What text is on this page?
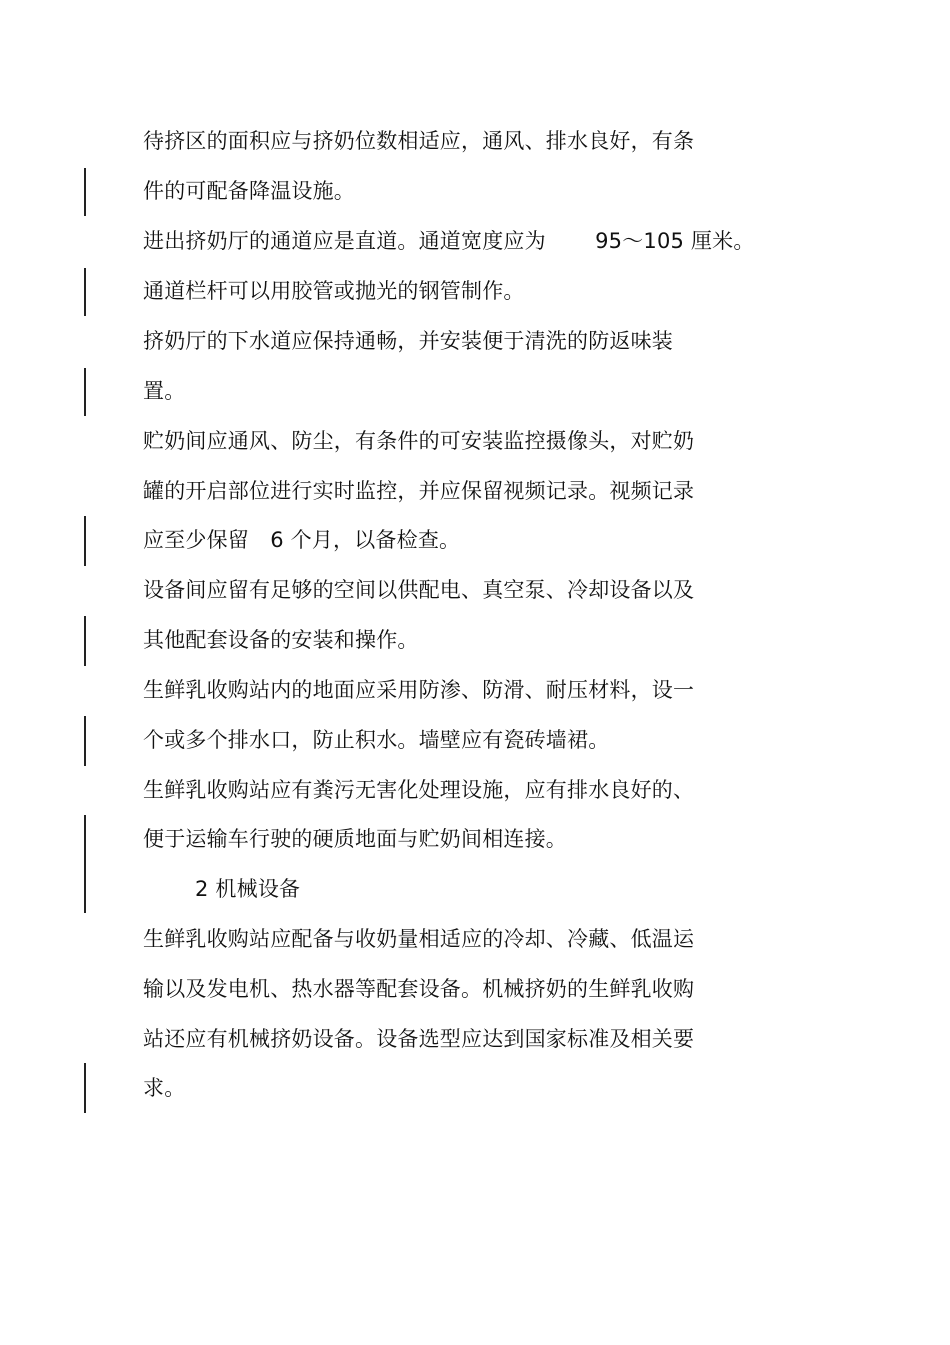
待挤区的面积应与挤奶位数相适应，通风、排水良好，有条
件的可配备降温设施。
进出挤奶厅的通道应是直道。通道宽度应为　　 95～105 厘米。
通道栏杆可以用胶管或抛光的钢管制作。
挤奶厅的下水道应保持通畅，并安装便于清洗的防返味装
置。
贮奶间应通风、防尘，有条件的可安装监控摄像头，对贮奶
罐的开启部位进行实时监控，并应保留视频记录。视频记录
应至少保留　6 个月，以备检查。
设备间应留有足够的空间以供配电、真空泵、冷却设备以及
其他配套设备的安装和操作。
生鲜乳收购站内的地面应采用防渗、防滑、耐压材料，设一
个或多个排水口，防止积水。墙壁应有瓷砖墙裙。
生鲜乳收购站应有粪污无害化处理设施，应有排水良好的、
便于运输车行驶的硬质地面与贮奶间相连接。
2 机械设备
生鲜乳收购站应配备与收奶量相适应的冷却、冷藏、低温运
输以及发电机、热水器等配套设备。机械挤奶的生鲜乳收购
站还应有机械挤奶设备。设备选型应达到国家标准及相关要
求。
